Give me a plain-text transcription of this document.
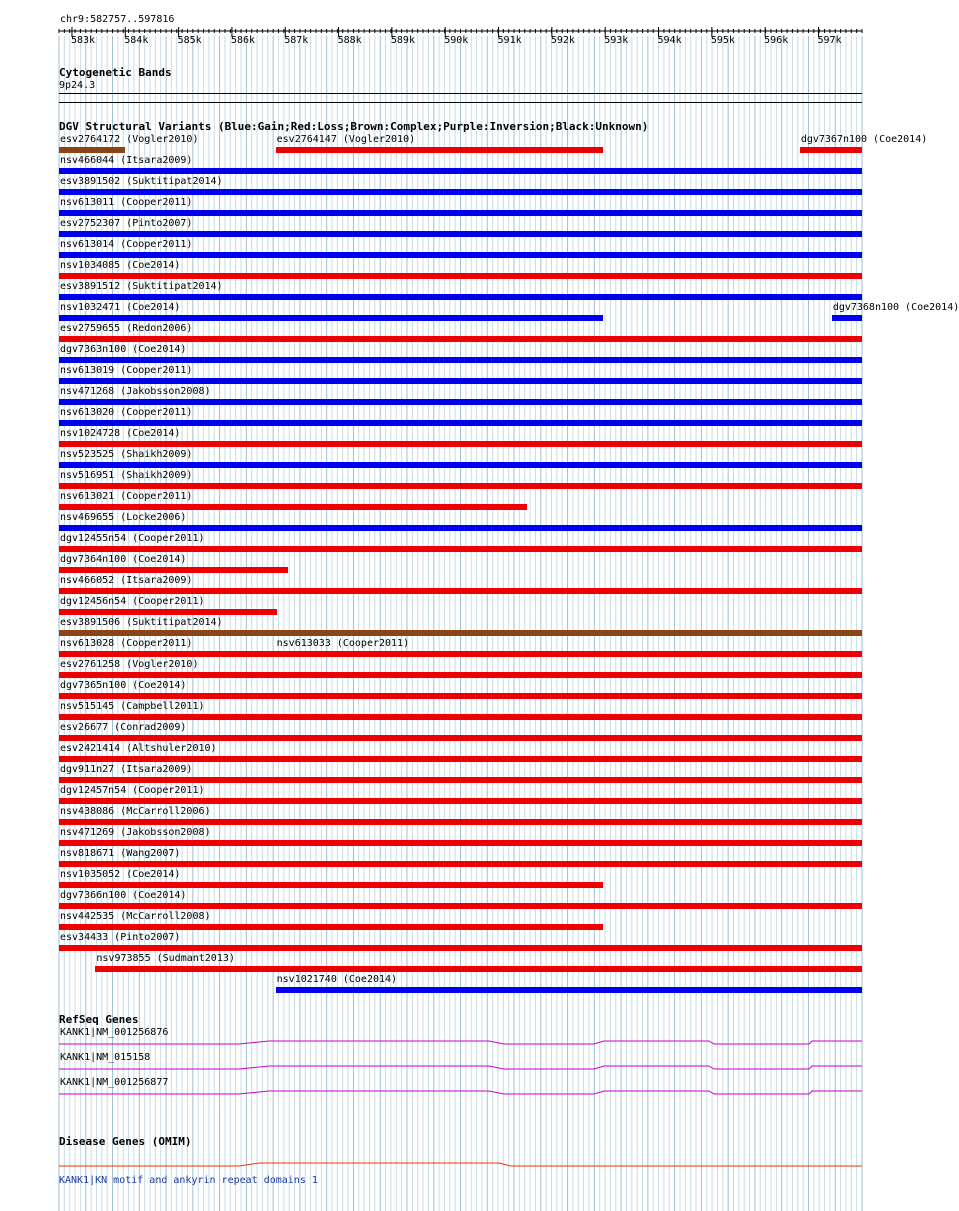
chr9:582757..597816
583k	584k	585k	586k	587k	588k	589k	590k	591k	592k	593k	594k	595k	596k	597k
Cytogenetic Bands
9p24.3
DGV Structural Variants (Blue:Gain;Red:Loss;Brown:Complex;Purple:Inversion;Black:Unknown)
esv2764172 (Vogler2010)	esv2764147 (Vogler2010)	dgv7367n100 (Coe2014)
nsv466044 (Itsara2009)
esv3891502 (Suktitipat2014)
nsv613011 (Cooper2011)
esv2752307 (Pinto2007)
nsv613014 (Cooper2011)
nsv1034085 (Coe2014)
esv3891512 (Suktitipat2014)
nsv1032471 (Coe2014)	dgv7368n100 (Coe2014)
esv2759655 (Redon2006)
dgv7363n100 (Coe2014)
nsv613019 (Cooper2011)
nsv471268 (Jakobsson2008)
nsv613020 (Cooper2011)
nsv1024728 (Coe2014)
nsv523525 (Shaikh2009)
nsv516951 (Shaikh2009)
nsv613021 (Cooper2011)
nsv469655 (Locke2006)
dgv12455n54 (Cooper2011)
dgv7364n100 (Coe2014)
nsv466052 (Itsara2009)
dgv12456n54 (Cooper2011)
esv3891506 (Suktitipat2014)
nsv613028 (Cooper2011)	nsv613033 (Cooper2011)
esv2761258 (Vogler2010)
dgv7365n100 (Coe2014)
nsv515145 (Campbell2011)
esv26677 (Conrad2009)
esv2421414 (Altshuler2010)
dgv911n27 (Itsara2009)
dgv12457n54 (Cooper2011)
nsv438086 (McCarroll2006)
nsv471269 (Jakobsson2008)
nsv818671 (Wang2007)
nsv1035052 (Coe2014)
dgv7366n100 (Coe2014)
nsv442535 (McCarroll2008)
esv34433 (Pinto2007)
nsv973855 (Sudmant2013)
nsv1021740 (Coe2014)
RefSeq Genes
KANK1|NM_001256876
KANK1|NM_015158
KANK1|NM_001256877
Disease Genes (OMIM)
KANK1|KN motif and ankyrin repeat domains 1
